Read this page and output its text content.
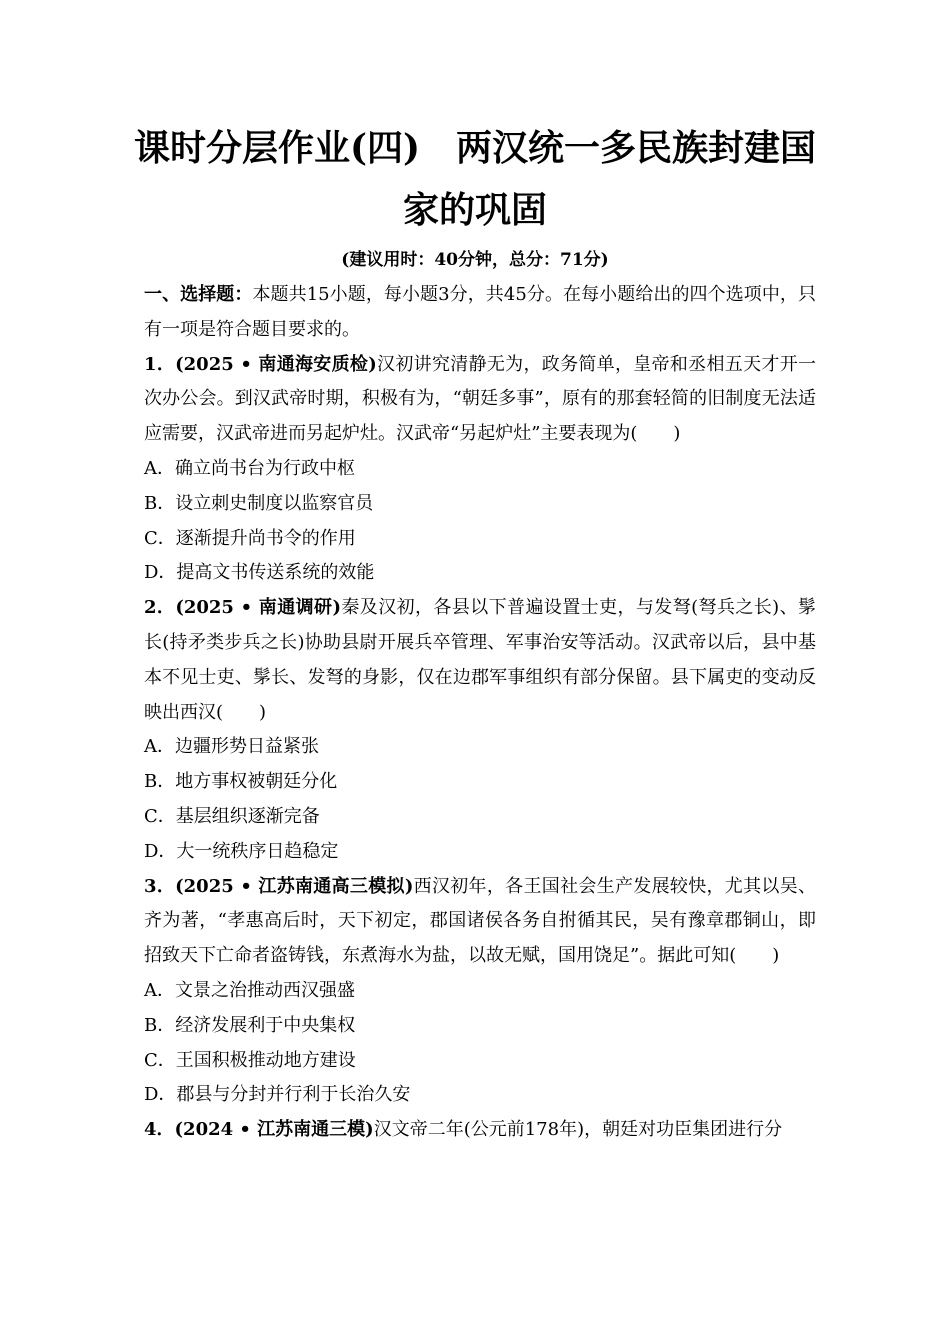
课时分层作业(四)　两汉统一多民族封建国
家的巩固

(建议用时：40分钟，总分：71分)

一、选择题：本题共15小题，每小题3分，共45分。在每小题给出的四个选项中，只有一项是符合题目要求的。

1．(2025 • 南通海安质检)汉初讲究清静无为，政务简单，皇帝和丞相五天才开一次办公会。到汉武帝时期，积极有为，“朝廷多事”，原有的那套轻简的旧制度无法适应需要，汉武帝进而另起炉灶。汉武帝“另起炉灶”主要表现为(　　)

A．确立尚书台为行政中枢

B．设立刺史制度以监察官员

C．逐渐提升尚书令的作用

D．提高文书传送系统的效能

2．(2025 • 南通调研)秦及汉初，各县以下普遍设置士吏，与发弩(弩兵之长)、髳长(持矛类步兵之长)协助县尉开展兵卒管理、军事治安等活动。汉武帝以后，县中基本不见士吏、髳长、发弩的身影，仅在边郡军事组织有部分保留。县下属吏的变动反映出西汉(　　)

A．边疆形势日益紧张

B．地方事权被朝廷分化

C．基层组织逐渐完备

D．大一统秩序日趋稳定

3．(2025 • 江苏南通高三模拟)西汉初年，各王国社会生产发展较快，尤其以吴、齐为著，“孝惠高后时，天下初定，郡国诸侯各务自拊循其民，吴有豫章郡铜山，即招致天下亡命者盗铸钱，东煮海水为盐，以故无赋，国用饶足”。据此可知(　　)

A．文景之治推动西汉强盛

B．经济发展利于中央集权

C．王国积极推动地方建设

D．郡县与分封并行利于长治久安

4．(2024 • 江苏南通三模)汉文帝二年(公元前178年)，朝廷对功臣集团进行分
